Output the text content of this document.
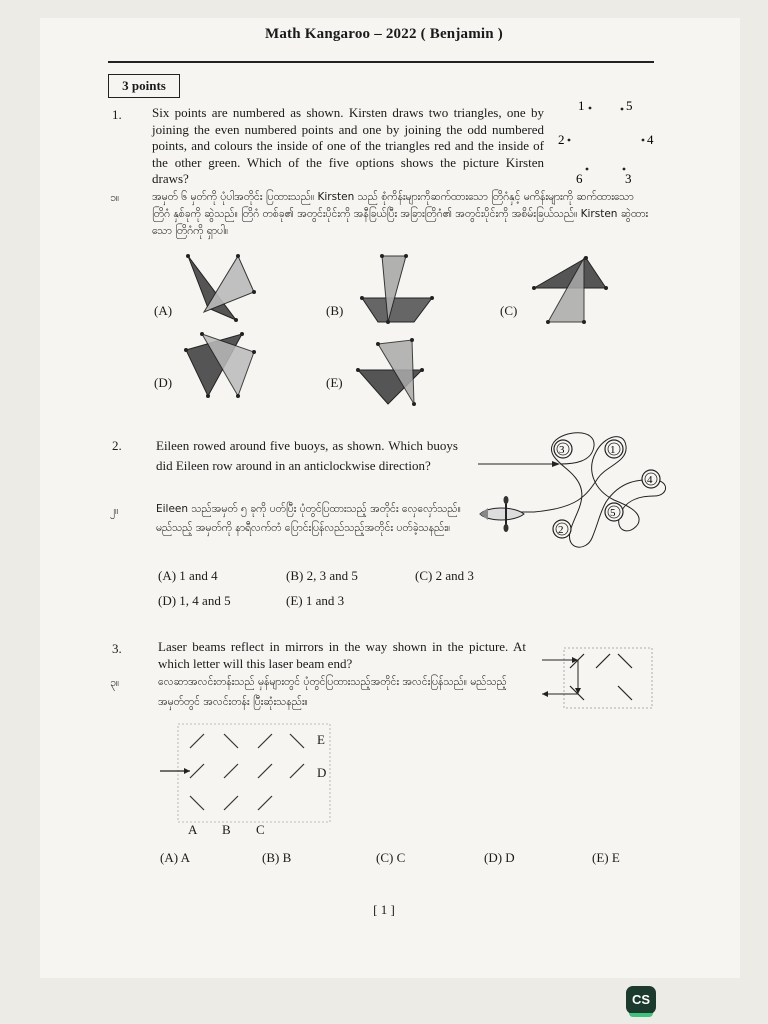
Math Kangaroo – 2022 ( Benjamin )
3 points
1. Six points are numbered as shown. Kirsten draws two triangles, one by joining the even numbered points and one by joining the odd numbered points, and colours the inside of one of the triangles red and the inside of the other green. Which of the five options shows the picture Kirsten draws?
၁။	အမှတ် ၆ မှတ်ကို ပုံပါအတိုင်း ပြထားသည်။ Kirsten သည် စုံကိန်းများကိုဆက်ထားသော တြိဂံနှင့် မကိန်းများကို ဆက်ထားသော တြိဂံ နှစ်ခုကို ဆွဲသည်။ တြိဂံ တစ်ခု၏ အတွင်းပိုင်းကို အနီခြယ်ပြီး အခြားတြိဂံ၏ အတွင်းပိုင်းကို အစိမ်းခြယ်သည်။ Kirsten ဆွဲထားသော တြိဂံကို ရှာပါ။
1	5
2	4
6	3
(A)	(B)	(C)
(D)	(E)
2.	Eileen rowed around five buoys, as shown. Which buoys did Eileen row around in an anticlockwise direction?
၂။	Eileen သည်အမှတ် ၅ ခုကို ပတ်ပြီး ပုံတွင်ပြထားသည့် အတိုင်း လှေလှော်သည်။ မည်သည့် အမှတ်ကို နာရီလက်တံ ပြောင်းပြန်လည်သည့်အတိုင်း ပတ်ခဲ့သနည်း။
3	1
4
5
2
(A) 1 and 4	(B) 2, 3 and 5	(C) 2 and 3
(D) 1, 4 and 5	(E) 1 and 3
3.	Laser beams reflect in mirrors in the way shown in the picture. At which letter will this laser beam end?
၃။	လေဆာအလင်းတန်းသည် မှန်များတွင် ပုံတွင်ပြထားသည့်အတိုင်း အလင်းပြန်သည်။ မည်သည့်အမှတ်တွင် အလင်းတန်း ပြီးဆုံးသနည်း။
E
D
A B C
(A) A	(B) B	(C) C	(D) D	(E) E
[ 1 ]
CS
